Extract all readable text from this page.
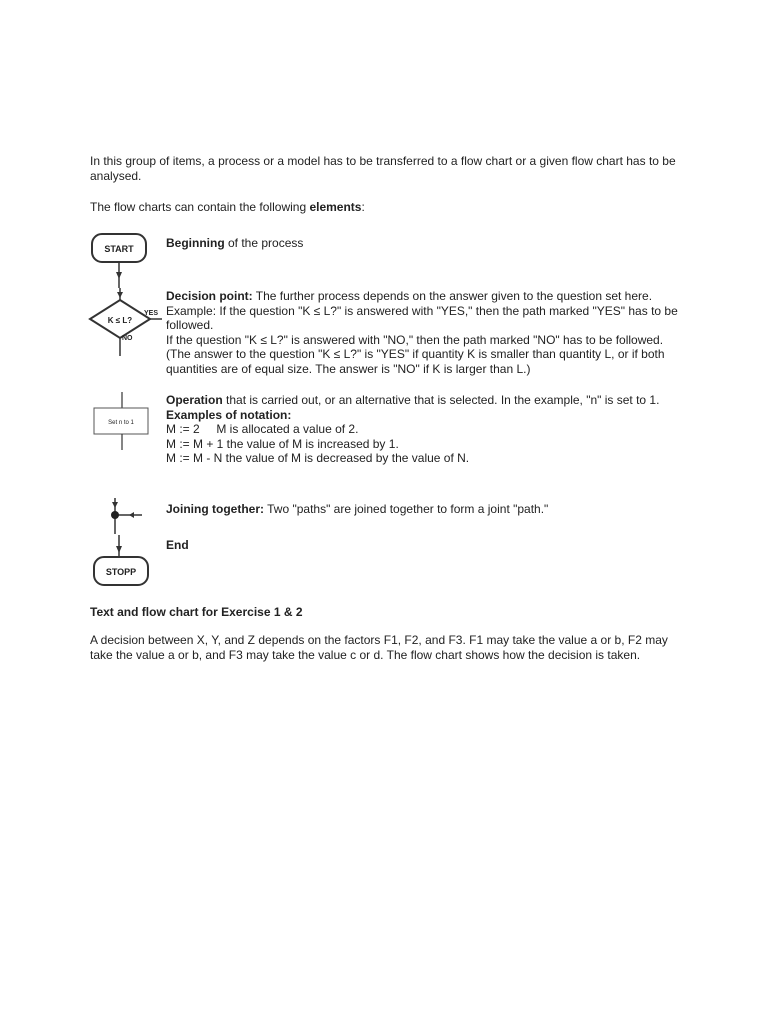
In this group of items, a process or a model has to be transferred to a flow chart or a given flow chart has to be analysed.
The flow charts can contain the following elements:
START	Beginning of the process
K ≤ L?
YES
NO
Decision point: The further process depends on the answer given to the question set here.
Example: If the question "K ≤ L?" is answered with "YES," then the path marked "YES" has to be followed.
If the question "K ≤ L?" is answered with "NO," then the path marked "NO" has to be followed.
(The answer to the question "K ≤ L?" is "YES" if quantity K is smaller than quantity L, or if both quantities are of equal size. The answer is "NO" if K is larger than L.)
Set n to 1
Operation that is carried out, or an alternative that is selected. In the example, "n" is set to 1.
Examples of notation:
M := 2     M is allocated a value of 2.
M := M + 1 the value of M is increased by 1.
M := M - N the value of M is decreased by the value of N.
Joining together: Two "paths" are joined together to form a joint "path."
STOPP
End
Text and flow chart for Exercise 1 & 2
A decision between X, Y, and Z depends on the factors F1, F2, and F3. F1 may take the value a or b, F2 may take the value a or b, and F3 may take the value c or d. The flow chart shows how the decision is taken.
